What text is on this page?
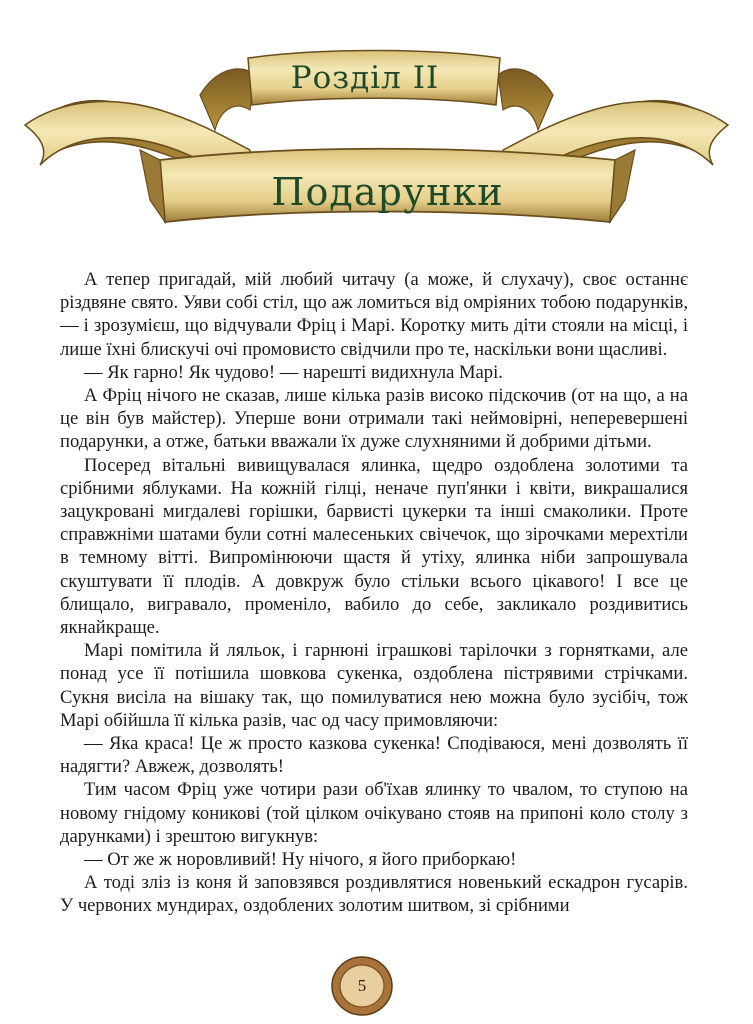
Розділ ІІ
Подарунки

А тепер пригадай, мій любий читачу (а може, й слухачу), своє останнє різдвяне свято. Уяви собі стіл, що аж ломиться від омріяних тобою подарунків,— і зрозумієш, що відчували Фріц і Марі. Коротку мить діти стояли на місці, і лише їхні блискучі очі промовисто свідчили про те, наскільки вони щасливі.

— Як гарно! Як чудово! — нарешті видихнула Марі.

А Фріц нічого не сказав, лише кілька разів високо підскочив (от на що, а на це він був майстер). Уперше вони отримали такі неймовірні, неперевершені подарунки, а отже, батьки вважали їх дуже слухняними й добрими дітьми.

Посеред вітальні вивищувалася ялинка, щедро оздоблена золотими та срібними яблуками. На кожній гілці, неначе пуп'янки і квіти, викрашалися зацукровані мигдалеві горішки, барвисті цукерки та інші смаколики. Проте справжніми шатами були сотні малесеньких свічечок, що зірочками мерехтіли в темному вітті. Випромінюючи щастя й утіху, ялинка ніби запрошувала скуштувати її плодів. А довкруж було стільки всього цікавого! І все це блищало, вигравало, променіло, вабило до себе, закликало роздивитись якнайкраще.

Марі помітила й ляльок, і гарнюні іграшкові тарілочки з горнятками, але понад усе її потішила шовкова сукенка, оздоблена пістрявими стрічками. Сукня висіла на вішаку так, що помилуватися нею можна було зусібіч, тож Марі обійшла її кілька разів, час од часу примовляючи:

— Яка краса! Це ж просто казкова сукенка! Сподіваюся, мені дозволять її надягти? Авжеж, дозволять!

Тим часом Фріц уже чотири рази об'їхав ялинку то чвалом, то ступою на новому гнідому коникові (той цілком очікувано стояв на припоні коло столу з дарунками) і зрештою вигукнув:

— От же ж норовливий! Ну нічого, я його приборкаю!

А тоді зліз із коня й заповзявся роздивлятися новенький ескадрон гусарів. У червоних мундирах, оздоблених золотим шитвом, зі срібними

5
